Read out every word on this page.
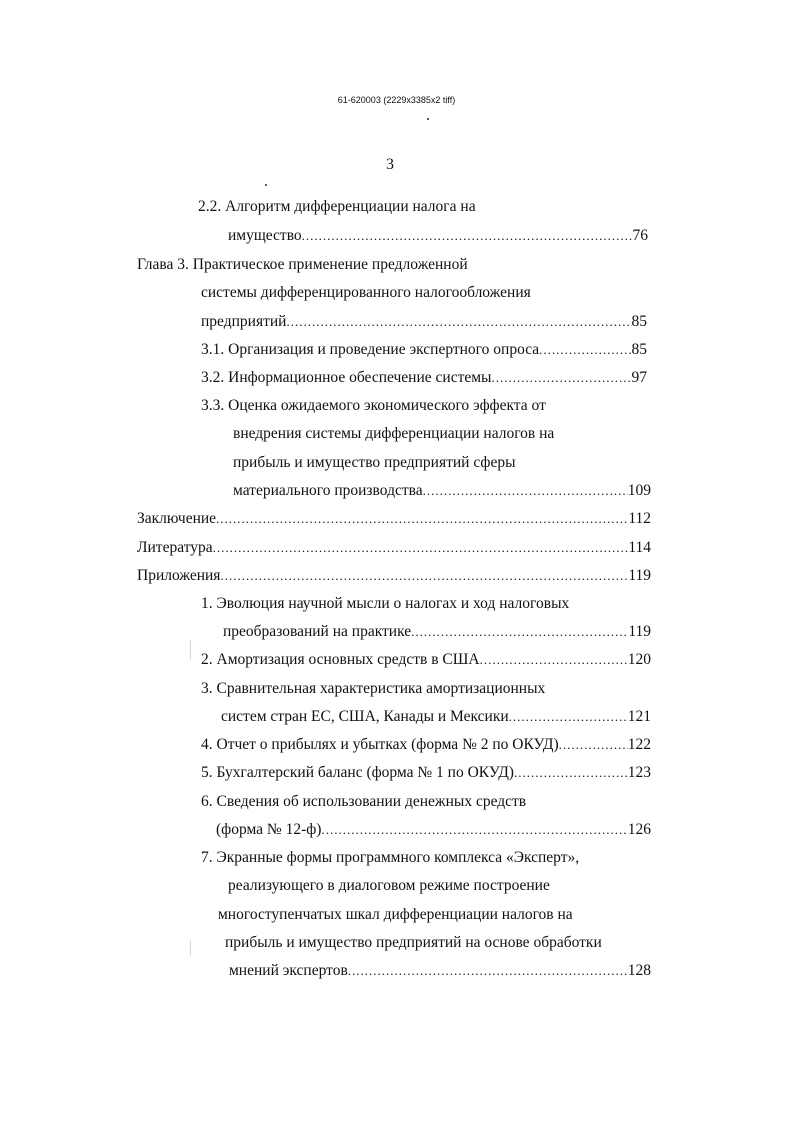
61-620003 (2229x3385x2 tiff)
3
2.2. Алгоритм дифференциации налога на
имущество .....	76
Глава 3. Практическое применение предложенной
системы дифференцированного налогообложения
предприятий .....	85
3.1. Организация и проведение экспертного опроса .....	85
3.2. Информационное обеспечение системы .....	97
3.3. Оценка ожидаемого экономического эффекта от
внедрения системы дифференциации налогов на
прибыль и имущество предприятий сферы
материального производства .....	109
Заключение .....	112
Литература .....	114
Приложения .....	119
1. Эволюция научной мысли о налогах и ход налоговых
преобразований на практике .....	119
2. Амортизация основных средств в США .....	120
3. Сравнительная характеристика амортизационных
систем стран ЕС, США, Канады и Мексики .....	121
4. Отчет о прибылях и убытках (форма № 2 по ОКУД) .....	122
5. Бухгалтерский баланс (форма № 1 по ОКУД) .....	123
6. Сведения об использовании денежных средств
(форма № 12-ф) .....	126
7. Экранные формы программного комплекса «Эксперт»,
реализующего в диалоговом режиме построение
многоступенчатых шкал дифференциации налогов на
прибыль и имущество предприятий на основе обработки
мнений экспертов .....	128
